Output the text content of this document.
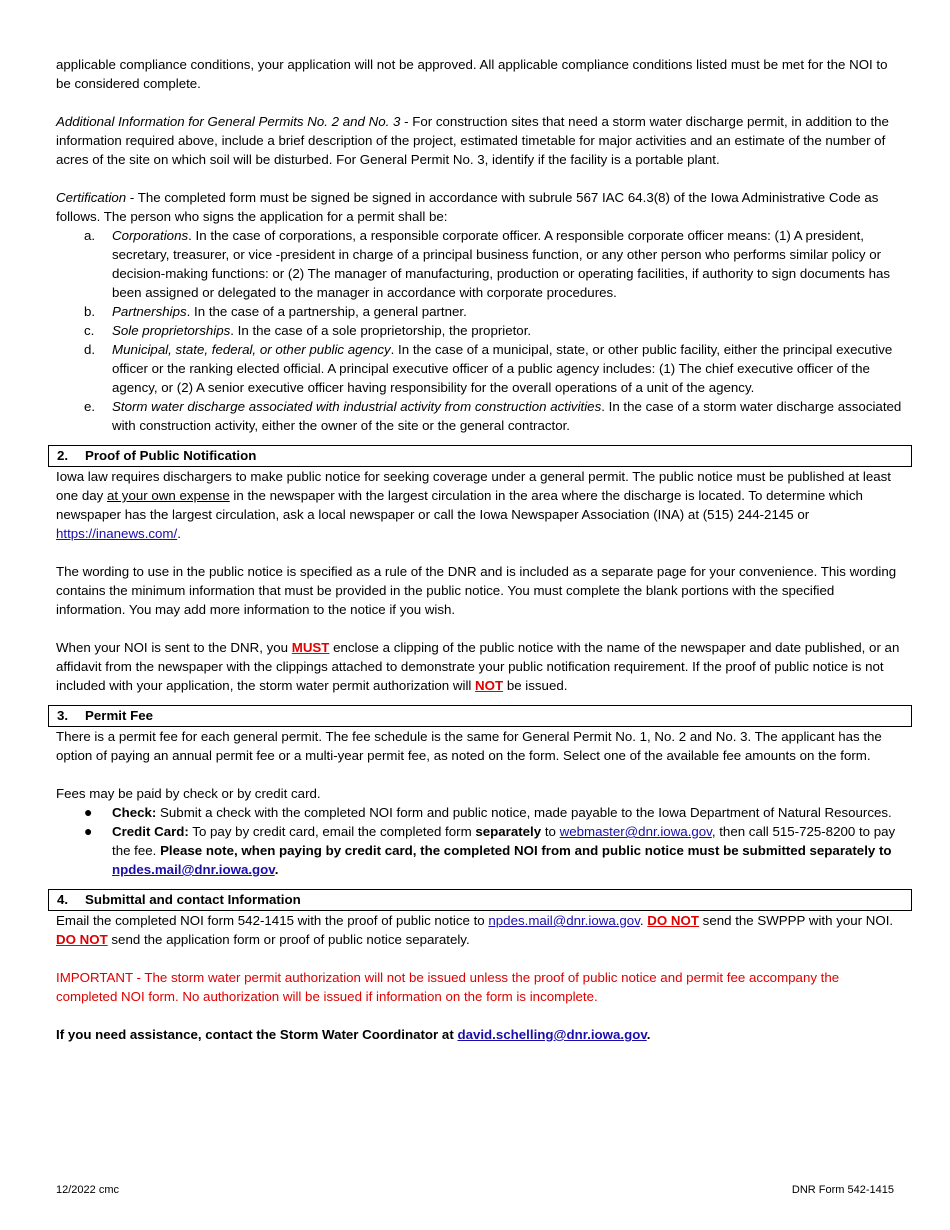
applicable compliance conditions, your application will not be approved. All applicable compliance conditions listed must be met for the NOI to be considered complete.

Additional Information for General Permits No. 2 and No. 3 - For construction sites that need a storm water discharge permit, in addition to the information required above, include a brief description of the project, estimated timetable for major activities and an estimate of the number of acres of the site on which soil will be disturbed. For General Permit No. 3, identify if the facility is a portable plant.

Certification - The completed form must be signed be signed in accordance with subrule 567 IAC 64.3(8) of the Iowa Administrative Code as follows. The person who signs the application for a permit shall be:

a. Corporations. In the case of corporations, a responsible corporate officer. A responsible corporate officer means: (1) A president, secretary, treasurer, or vice -president in charge of a principal business function, or any other person who performs similar policy or decision-making functions: or (2) The manager of manufacturing, production or operating facilities, if authority to sign documents has been assigned or delegated to the manager in accordance with corporate procedures.
b. Partnerships. In the case of a partnership, a general partner.
c. Sole proprietorships. In the case of a sole proprietorship, the proprietor.
d. Municipal, state, federal, or other public agency. In the case of a municipal, state, or other public facility, either the principal executive officer or the ranking elected official. A principal executive officer of a public agency includes: (1) The chief executive officer of the agency, or (2) A senior executive officer having responsibility for the overall operations of a unit of the agency.
e. Storm water discharge associated with industrial activity from construction activities. In the case of a storm water discharge associated with construction activity, either the owner of the site or the general contractor.
2. Proof of Public Notification

Iowa law requires dischargers to make public notice for seeking coverage under a general permit. The public notice must be published at least one day at your own expense in the newspaper with the largest circulation in the area where the discharge is located. To determine which newspaper has the largest circulation, ask a local newspaper or call the Iowa Newspaper Association (INA) at (515) 244-2145 or https://inanews.com/.

The wording to use in the public notice is specified as a rule of the DNR and is included as a separate page for your convenience. This wording contains the minimum information that must be provided in the public notice. You must complete the blank portions with the specified information. You may add more information to the notice if you wish.

When your NOI is sent to the DNR, you MUST enclose a clipping of the public notice with the name of the newspaper and date published, or an affidavit from the newspaper with the clippings attached to demonstrate your public notification requirement. If the proof of public notice is not included with your application, the storm water permit authorization will NOT be issued.

3. Permit Fee

There is a permit fee for each general permit. The fee schedule is the same for General Permit No. 1, No. 2 and No. 3. The applicant has the option of paying an annual permit fee or a multi-year permit fee, as noted on the form. Select one of the available fee amounts on the form.

Fees may be paid by check or by credit card.

● Check: Submit a check with the completed NOI form and public notice, made payable to the Iowa Department of Natural Resources.
● Credit Card: To pay by credit card, email the completed form separately to webmaster@dnr.iowa.gov, then call 515-725-8200 to pay the fee. Please note, when paying by credit card, the completed NOI from and public notice must be submitted separately to npdes.mail@dnr.iowa.gov.
4. Submittal and contact Information

Email the completed NOI form 542-1415 with the proof of public notice to npdes.mail@dnr.iowa.gov. DO NOT send the SWPPP with your NOI. DO NOT send the application form or proof of public notice separately.

IMPORTANT - The storm water permit authorization will not be issued unless the proof of public notice and permit fee accompany the completed NOI form. No authorization will be issued if information on the form is incomplete.

If you need assistance, contact the Storm Water Coordinator at david.schelling@dnr.iowa.gov.

12/2022 cmc	DNR Form 542-1415
